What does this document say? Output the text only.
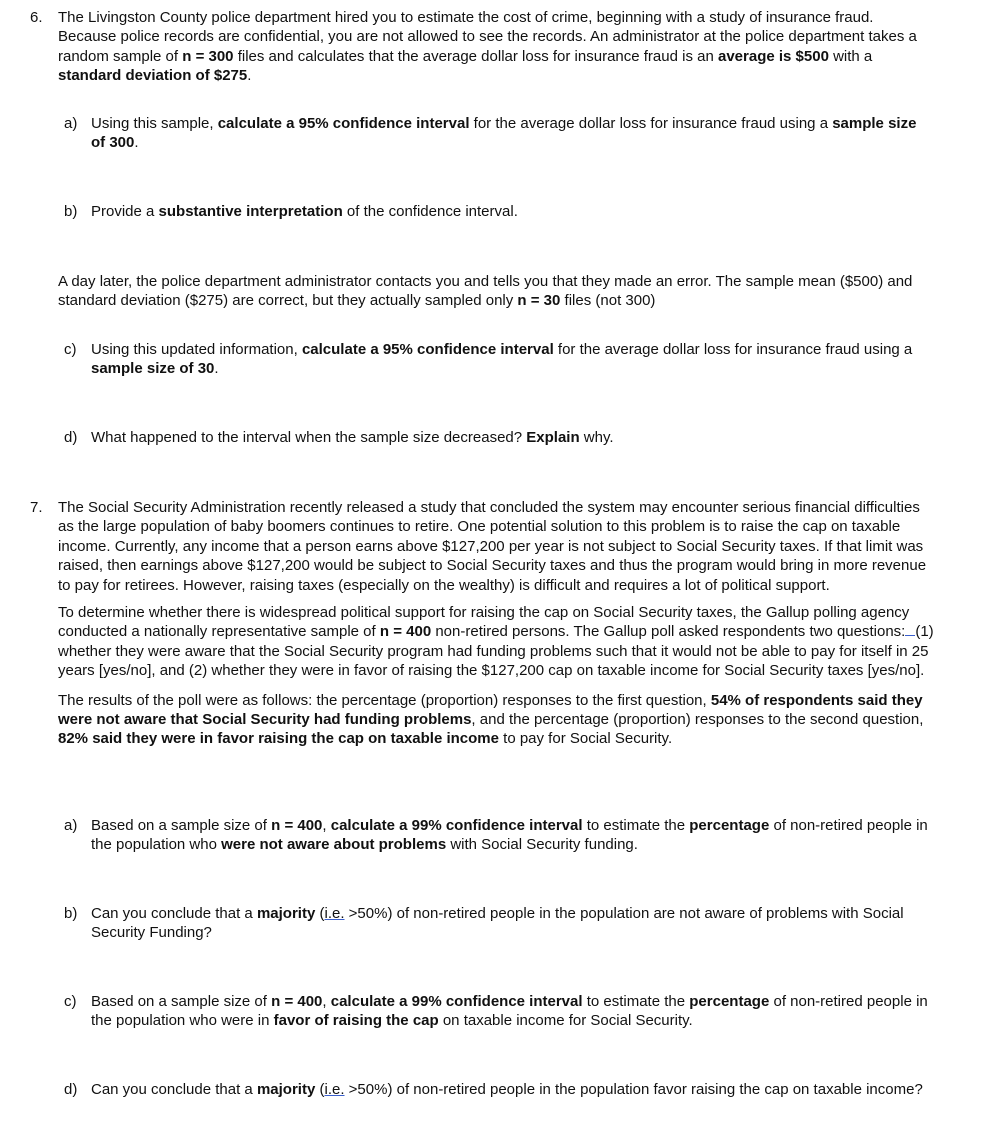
6. The Livingston County police department hired you to estimate the cost of crime, beginning with a study of insurance fraud. Because police records are confidential, you are not allowed to see the records. An administrator at the police department takes a random sample of n = 300 files and calculates that the average dollar loss for insurance fraud is an average is $500 with a standard deviation of $275.

a) Using this sample, calculate a 95% confidence interval for the average dollar loss for insurance fraud using a sample size of 300.

b) Provide a substantive interpretation of the confidence interval.

A day later, the police department administrator contacts you and tells you that they made an error. The sample mean ($500) and standard deviation ($275) are correct, but they actually sampled only n = 30 files (not 300)

c) Using this updated information, calculate a 95% confidence interval for the average dollar loss for insurance fraud using a sample size of 30.

d) What happened to the interval when the sample size decreased? Explain why.

7. The Social Security Administration recently released a study that concluded the system may encounter serious financial difficulties as the large population of baby boomers continues to retire. One potential solution to this problem is to raise the cap on taxable income. Currently, any income that a person earns above $127,200 per year is not subject to Social Security taxes. If that limit was raised, then earnings above $127,200 would be subject to Social Security taxes and thus the program would bring in more revenue to pay for retirees. However, raising taxes (especially on the wealthy) is difficult and requires a lot of political support.

To determine whether there is widespread political support for raising the cap on Social Security taxes, the Gallup polling agency conducted a nationally representative sample of n = 400 non-retired persons. The Gallup poll asked respondents two questions: (1) whether they were aware that the Social Security program had funding problems such that it would not be able to pay for itself in 25 years [yes/no], and (2) whether they were in favor of raising the $127,200 cap on taxable income for Social Security taxes [yes/no].

The results of the poll were as follows: the percentage (proportion) responses to the first question, 54% of respondents said they were not aware that Social Security had funding problems, and the percentage (proportion) responses to the second question, 82% said they were in favor raising the cap on taxable income to pay for Social Security.

a) Based on a sample size of n = 400, calculate a 99% confidence interval to estimate the percentage of non-retired people in the population who were not aware about problems with Social Security funding.

b) Can you conclude that a majority (i.e. >50%) of non-retired people in the population are not aware of problems with Social Security Funding?

c) Based on a sample size of n = 400, calculate a 99% confidence interval to estimate the percentage of non-retired people in the population who were in favor of raising the cap on taxable income for Social Security.

d) Can you conclude that a majority (i.e. >50%) of non-retired people in the population favor raising the cap on taxable income?
